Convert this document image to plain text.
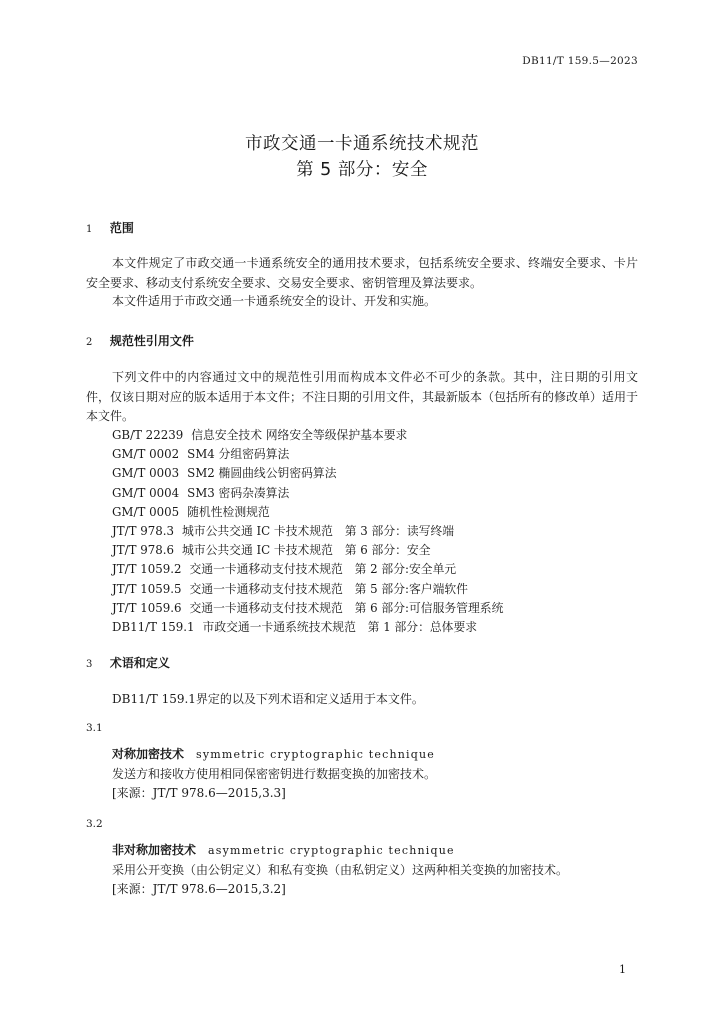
DB11/T 159.5—2023
市政交通一卡通系统技术规范
第 5 部分：安全
1 范围
本文件规定了市政交通一卡通系统安全的通用技术要求，包括系统安全要求、终端安全要求、卡片安全要求、移动支付系统安全要求、交易安全要求、密钥管理及算法要求。
本文件适用于市政交通一卡通系统安全的设计、开发和实施。
2 规范性引用文件
下列文件中的内容通过文中的规范性引用而构成本文件必不可少的条款。其中，注日期的引用文件，仅该日期对应的版本适用于本文件；不注日期的引用文件，其最新版本（包括所有的修改单）适用于本文件。
GB/T 22239 信息安全技术 网络安全等级保护基本要求
GM/T 0002 SM4 分组密码算法
GM/T 0003 SM2 椭圆曲线公钥密码算法
GM/T 0004 SM3 密码杂凑算法
GM/T 0005 随机性检测规范
JT/T 978.3 城市公共交通 IC 卡技术规范　第 3 部分：读写终端
JT/T 978.6 城市公共交通 IC 卡技术规范　第 6 部分：安全
JT/T 1059.2 交通一卡通移动支付技术规范　第 2 部分:安全单元
JT/T 1059.5 交通一卡通移动支付技术规范　第 5 部分:客户端软件
JT/T 1059.6 交通一卡通移动支付技术规范　第 6 部分:可信服务管理系统
DB11/T 159.1 市政交通一卡通系统技术规范　第 1 部分：总体要求
3 术语和定义
DB11/T 159.1界定的以及下列术语和定义适用于本文件。
3.1
对称加密技术 symmetric cryptographic technique
发送方和接收方使用相同保密密钥进行数据变换的加密技术。
[来源：JT/T 978.6—2015,3.3]
3.2
非对称加密技术 asymmetric cryptographic technique
采用公开变换（由公钥定义）和私有变换（由私钥定义）这两种相关变换的加密技术。
[来源：JT/T 978.6—2015,3.2]
1
